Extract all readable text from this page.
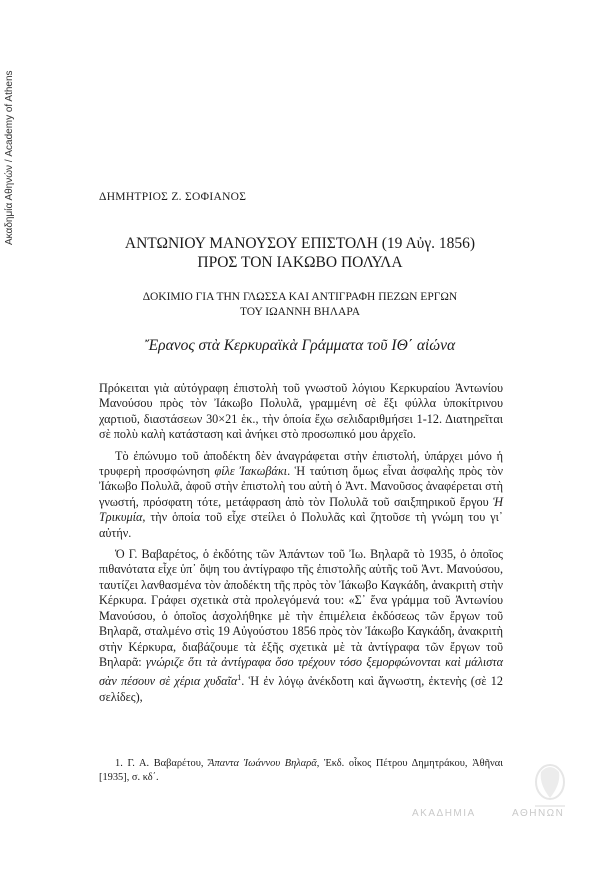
Ακαδημία Αθηνών / Academy of Athens	ΔΗΜΗΤΡΙΟΣ Ζ. ΣΟΦΙΑΝΟΣ
ΑΝΤΩΝΙΟΥ ΜΑΝΟΥΣΟΥ ΕΠΙΣΤΟΛΗ (19 Αὐγ. 1856)
ΠΡΟΣ ΤΟΝ ΙΑΚΩΒΟ ΠΟΛΥΛΑ
ΔΟΚΙΜΙΟ ΓΙΑ ΤΗΝ ΓΛΩΣΣΑ ΚΑΙ ΑΝΤΙΓΡΑΦΗ ΠΕΖΩΝ ΕΡΓΩΝ
ΤΟΥ ΙΩΑΝΝΗ ΒΗΛΑΡΑ
Ἔρανος στὰ Κερκυραϊκὰ Γράμματα τοῦ ΙΘ΄ αἰώνα

Πρόκειται γιὰ αὐτόγραφη ἐπιστολὴ τοῦ γνωστοῦ λόγιου Κερκυραίου Ἀντωνίου Μανούσου πρὸς τὸν Ἰάκωβο Πολυλᾶ, γραμμένη σὲ ἕξι φύλλα ὑποκίτρινου χαρτιοῦ, διαστάσεων 30×21 ἑκ., τὴν ὁποία ἔχω σελιδαριθμήσει 1-12. Διατηρεῖται σὲ πολὺ καλὴ κατάσταση καὶ ἀνήκει στὸ προσωπικό μου ἀρχεῖο.

Τὸ ἐπώνυμο τοῦ ἀποδέκτη δὲν ἀναγράφεται στὴν ἐπιστολή, ὑπάρχει μόνο ἡ τρυφερὴ προσφώνηση φίλε Ἰακωβάκι. Ἡ ταύτιση ὅμως εἶναι ἀσφαλὴς πρὸς τὸν Ἰάκωβο Πολυλᾶ, ἀφοῦ στὴν ἐπιστολὴ του αὐτὴ ὁ Ἀντ. Μανοῦσος ἀναφέρεται στὴ γνωστή, πρόσφατη τότε, μετάφραση ἀπὸ τὸν Πολυλᾶ τοῦ σαιξπηρικοῦ ἔργου Ἡ Τρικυμία, τὴν ὁποία τοῦ εἶχε στείλει ὁ Πολυλᾶς καὶ ζητοῦσε τὴ γνώμη του γι᾽ αὐτήν.

Ὁ Γ. Βαβαρέτος, ὁ ἐκδότης τῶν Ἀπάντων τοῦ Ἰω. Βηλαρᾶ τὸ 1935, ὁ ὁποῖος πιθανότατα εἶχε ὑπ᾽ ὄψη του ἀντίγραφο τῆς ἐπιστολῆς αὐτῆς τοῦ Ἀντ. Μανούσου, ταυτίζει λανθασμένα τὸν ἀποδέκτη τῆς πρὸς τὸν Ἰάκωβο Καγκάδη, ἀνακριτὴ στὴν Κέρκυρα. Γράφει σχετικὰ στὰ προλεγόμενά του: «Σ᾽ ἕνα γράμμα τοῦ Ἀντωνίου Μανούσου, ὁ ὁποῖος ἀσχολήθηκε μὲ τὴν ἐπιμέλεια ἐκδόσεως τῶν ἔργων τοῦ Βηλαρᾶ, σταλμένο στὶς 19 Αὐγούστου 1856 πρὸς τὸν Ἰάκωβο Καγκάδη, ἀνακριτὴ στὴν Κέρκυρα, διαβάζουμε τὰ ἑξῆς σχετικὰ μὲ τὰ ἀντίγραφα τῶν ἔργων τοῦ Βηλαρᾶ: γνώριζε ὅτι τὰ ἀντίγραφα ὅσο τρέχουν τόσο ξεμορφώνονται καὶ μάλιστα σὰν πέσουν σὲ χέρια χυδαῖα$^1$. Ἡ ἐν λόγῳ ἀνέκδοτη καὶ ἄγνωστη, ἐκτενὴς (σὲ 12 σελίδες),

1. Γ. Α. Βαβαρέτου, Ἅπαντα Ἰωάννου Βηλαρᾶ, Ἐκδ. οἶκος Πέτρου Δημητράκου, Ἀθῆναι [1935], σ. κδ΄.
ΑΚΑΔΗΜΙΑ	ΑΘΗΝΩΝ
